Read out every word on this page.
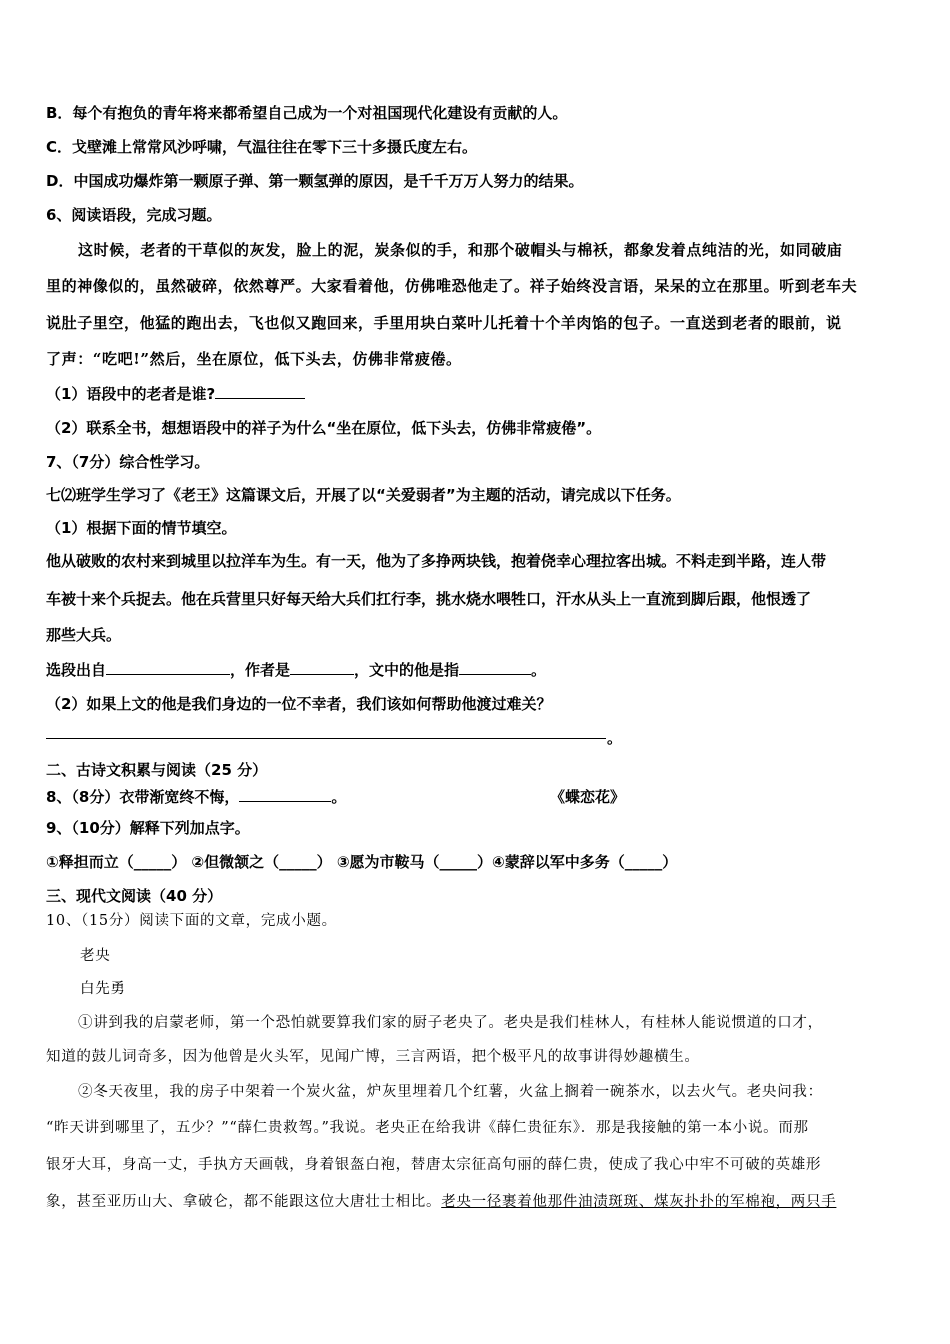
B．每个有抱负的青年将来都希望自己成为一个对祖国现代化建设有贡献的人。
C．戈壁滩上常常风沙呼啸，气温往往在零下三十多摄氏度左右。
D．中国成功爆炸第一颗原子弹、第一颗氢弹的原因，是千千万万人努力的结果。
6、阅读语段，完成习题。
这时候，老者的干草似的灰发，脸上的泥，炭条似的手，和那个破帽头与棉袄，都象发着点纯洁的光，如同破庙
里的神像似的，虽然破碎，依然尊严。大家看着他，仿佛唯恐他走了。祥子始终没言语，呆呆的立在那里。听到老车夫
说肚子里空，他猛的跑出去，飞也似又跑回来，手里用块白菜叶儿托着十个羊肉馅的包子。一直送到老者的眼前，说
了声：“吃吧!”然后，坐在原位，低下头去，仿佛非常疲倦。
（1）语段中的老者是谁?
（2）联系全书，想想语段中的祥子为什么“坐在原位，低下头去，仿佛非常疲倦”。
7、（7分）综合性学习。
七⑵班学生学习了《老王》这篇课文后，开展了以“关爱弱者”为主题的活动，请完成以下任务。
（1）根据下面的情节填空。
他从破败的农村来到城里以拉洋车为生。有一天，他为了多挣两块钱，抱着侥幸心理拉客出城。不料走到半路，连人带
车被十来个兵捉去。他在兵营里只好每天给大兵们扛行李，挑水烧水喂牲口，汗水从头上一直流到脚后跟，他恨透了
那些大兵。
选段出自	，作者是	，文中的他是指	。
（2）如果上文的他是我们身边的一位不幸者，我们该如何帮助他渡过难关？
。
二、古诗文积累与阅读（25 分）
8、（8分）衣带渐宽终不悔，	。	《蝶恋花》
9、（10分）解释下列加点字。
①释担而立（_____） ②但微颔之（_____） ③愿为市鞍马（_____）④蒙辞以军中多务（_____）
三、现代文阅读（40 分）
10、（15分）阅读下面的文章，完成小题。
老央
白先勇
①讲到我的启蒙老师，第一个恐怕就要算我们家的厨子老央了。老央是我们桂林人，有桂林人能说惯道的口才，
知道的鼓儿词奇多，因为他曾是火头军，见闻广博，三言两语，把个极平凡的故事讲得妙趣横生。
②冬天夜里，我的房子中架着一个炭火盆，炉灰里埋着几个红薯，火盆上搁着一碗茶水，以去火气。老央问我：
“昨天讲到哪里了，五少？”“薛仁贵救驾。”我说。老央正在给我讲《薛仁贵征东》．那是我接触的第一本小说。而那
银牙大耳，身高一丈，手执方天画戟，身着银盔白袍，替唐太宗征高句丽的薛仁贵，使成了我心中牢不可破的英雄形
象，甚至亚历山大、拿破仑，都不能跟这位大唐壮士相比。老央一径裹着他那件油渍斑斑、煤灰扑扑的军棉袍，两只手
